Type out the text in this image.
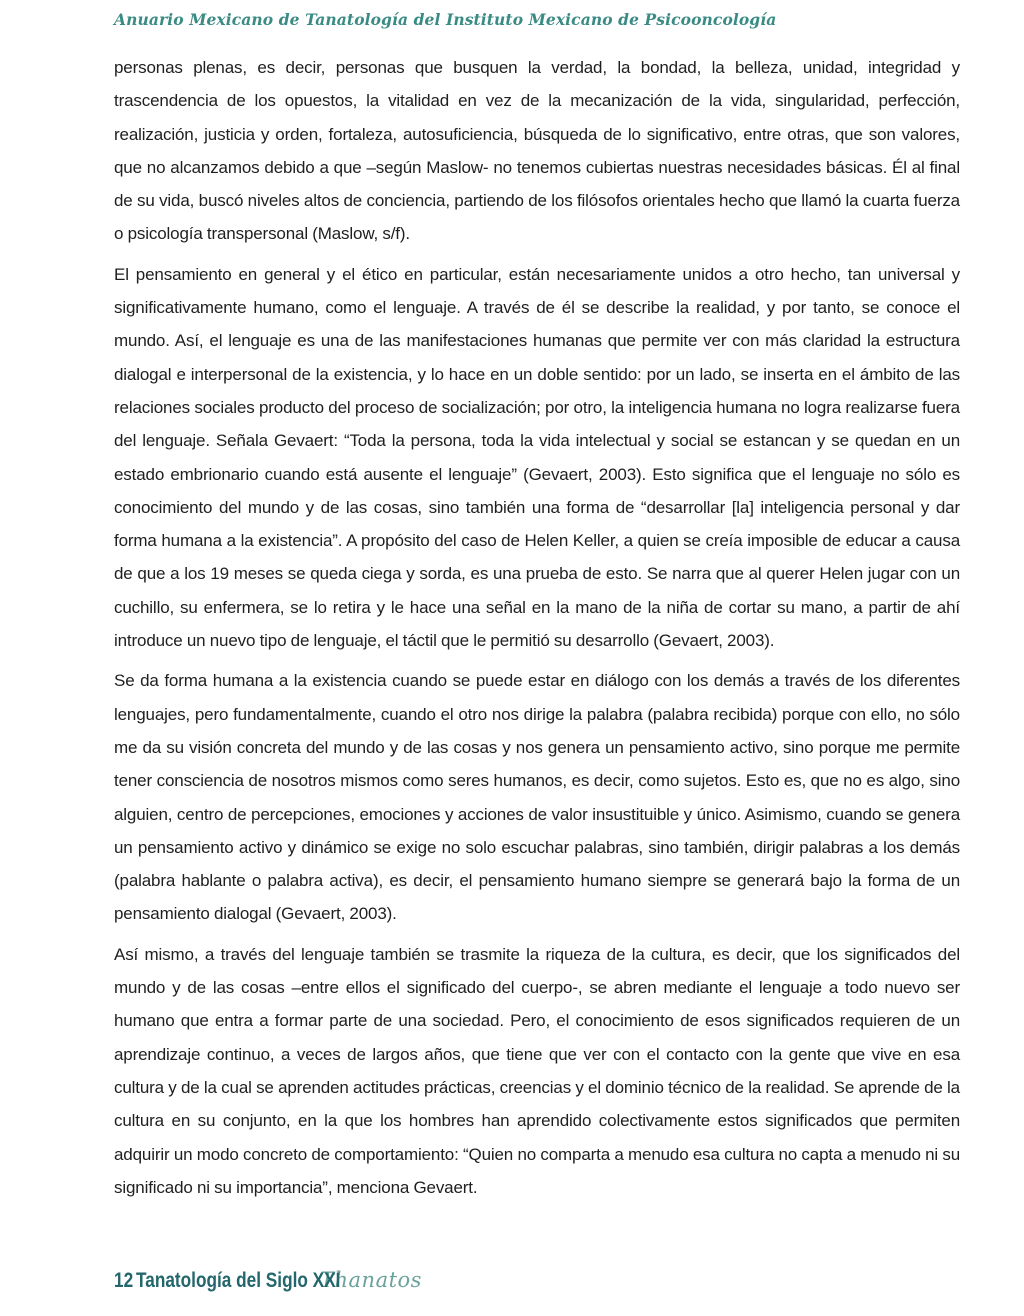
Anuario Mexicano de Tanatología del Instituto Mexicano de Psicooncología

personas plenas, es decir, personas que busquen la verdad, la bondad, la belleza, unidad, integridad y trascendencia de los opuestos, la vitalidad en vez de la mecanización de la vida, singularidad, perfección, realización, justicia y orden, fortaleza, autosuficiencia, búsqueda de lo significativo, entre otras, que son valores, que no alcanzamos debido a que –según Maslow- no tenemos cubiertas nuestras necesidades básicas. Él al final de su vida, buscó niveles altos de conciencia, partiendo de los filósofos orientales hecho que llamó la cuarta fuerza o psicología transpersonal (Maslow, s/f).

El pensamiento en general y el ético en particular, están necesariamente unidos a otro hecho, tan universal y significativamente humano, como el lenguaje. A través de él se describe la realidad, y por tanto, se conoce el mundo. Así, el lenguaje es una de las manifestaciones humanas que permite ver con más claridad la estructura dialogal e interpersonal de la existencia, y lo hace en un doble sentido: por un lado, se inserta en el ámbito de las relaciones sociales producto del proceso de socialización; por otro, la inteligencia humana no logra realizarse fuera del lenguaje. Señala Gevaert: “Toda la persona, toda la vida intelectual y social se estancan y se quedan en un estado embrionario cuando está ausente el lenguaje” (Gevaert, 2003). Esto significa que el lenguaje no sólo es conocimiento del mundo y de las cosas, sino también una forma de “desarrollar [la] inteligencia personal y dar forma humana a la existencia”. A propósito del caso de Helen Keller, a quien se creía imposible de educar a causa de que a los 19 meses se queda ciega y sorda, es una prueba de esto. Se narra que al querer Helen jugar con un cuchillo, su enfermera, se lo retira y le hace una señal en la mano de la niña de cortar su mano, a partir de ahí introduce un nuevo tipo de lenguaje, el táctil que le permitió su desarrollo (Gevaert, 2003).

Se da forma humana a la existencia cuando se puede estar en diálogo con los demás a través de los diferentes lenguajes, pero fundamentalmente, cuando el otro nos dirige la palabra (palabra recibida) porque con ello, no sólo me da su visión concreta del mundo y de las cosas y nos genera un pensamiento activo, sino porque me permite tener consciencia de nosotros mismos como seres humanos, es decir, como sujetos. Esto es, que no es algo, sino alguien, centro de percepciones, emociones y acciones de valor insustituible y único. Asimismo, cuando se genera un pensamiento activo y dinámico se exige no solo escuchar palabras, sino también, dirigir palabras a los demás (palabra hablante o palabra activa), es decir, el pensamiento humano siempre se generará bajo la forma de un pensamiento dialogal (Gevaert, 2003).

Así mismo, a través del lenguaje también se trasmite la riqueza de la cultura, es decir, que los significados del mundo y de las cosas –entre ellos el significado del cuerpo-, se abren mediante el lenguaje a todo nuevo ser humano que entra a formar parte de una sociedad. Pero, el conocimiento de esos significados requieren de un aprendizaje continuo, a veces de largos años, que tiene que ver con el contacto con la gente que vive en esa cultura y de la cual se aprenden actitudes prácticas, creencias y el dominio técnico de la realidad. Se aprende de la cultura en su conjunto, en la que los hombres han aprendido colectivamente estos significados que permiten adquirir un modo concreto de comportamiento: “Quien no comparta a menudo esa cultura no capta a menudo ni su significado ni su importancia”, menciona Gevaert.

12 Tanatología del Siglo XXI
Thanatos
